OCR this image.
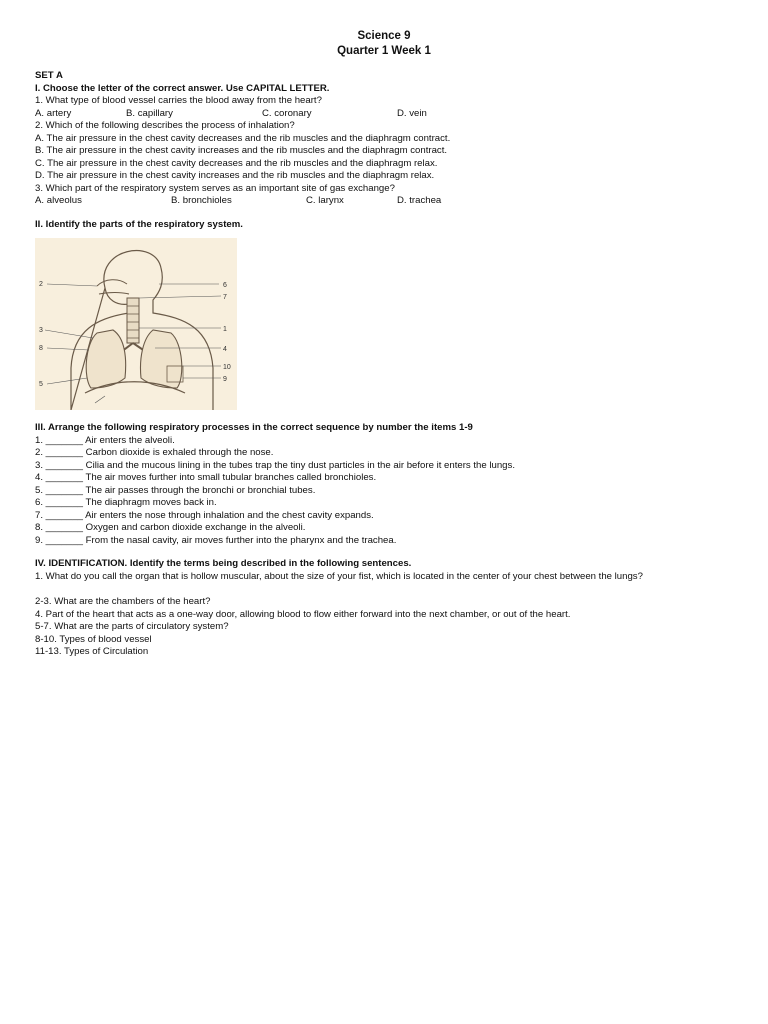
Science 9
Quarter 1 Week 1
SET A
I. Choose the letter of the correct answer. Use CAPITAL LETTER.
1. What type of blood vessel carries the blood away from the heart?
A. artery	B. capillary	C. coronary	D. vein
2. Which of the following describes the process of inhalation?
A. The air pressure in the chest cavity decreases and the rib muscles and the diaphragm contract.
B. The air pressure in the chest cavity increases and the rib muscles and the diaphragm contract.
C. The air pressure in the chest cavity decreases and the rib muscles and the diaphragm relax.
D. The air pressure in the chest cavity increases and the rib muscles and the diaphragm relax.
3. Which part of the respiratory system serves as an important site of gas exchange?
A. alveolus	B. bronchioles	C. larynx	D. trachea
II. Identify the parts of the respiratory system.
1
2
3
4
5
6
7
8
9
10
III. Arrange the following respiratory processes in the correct sequence by number the items 1-9
1. _______ Air enters the alveoli.
2. _______ Carbon dioxide is exhaled through the nose.
3. _______ Cilia and the mucous lining in the tubes trap the tiny dust particles in the air before it enters the lungs.
4. _______ The air moves further into small tubular branches called bronchioles.
5. _______ The air passes through the bronchi or bronchial tubes.
6. _______ The diaphragm moves back in.
7. _______ Air enters the nose through inhalation and the chest cavity expands.
8. _______ Oxygen and carbon dioxide exchange in the alveoli.
9. _______ From the nasal cavity, air moves further into the pharynx and the trachea.
IV. IDENTIFICATION. Identify the terms being described in the following sentences.
1. What do you call the organ that is hollow muscular, about the size of your fist, which is located in the center of your chest between the lungs?
2-3. What are the chambers of the heart?
4. Part of the heart that acts as a one-way door, allowing blood to flow either forward into the next chamber, or out of the heart.
5-7. What are the parts of circulatory system?
8-10. Types of blood vessel
11-13. Types of Circulation
